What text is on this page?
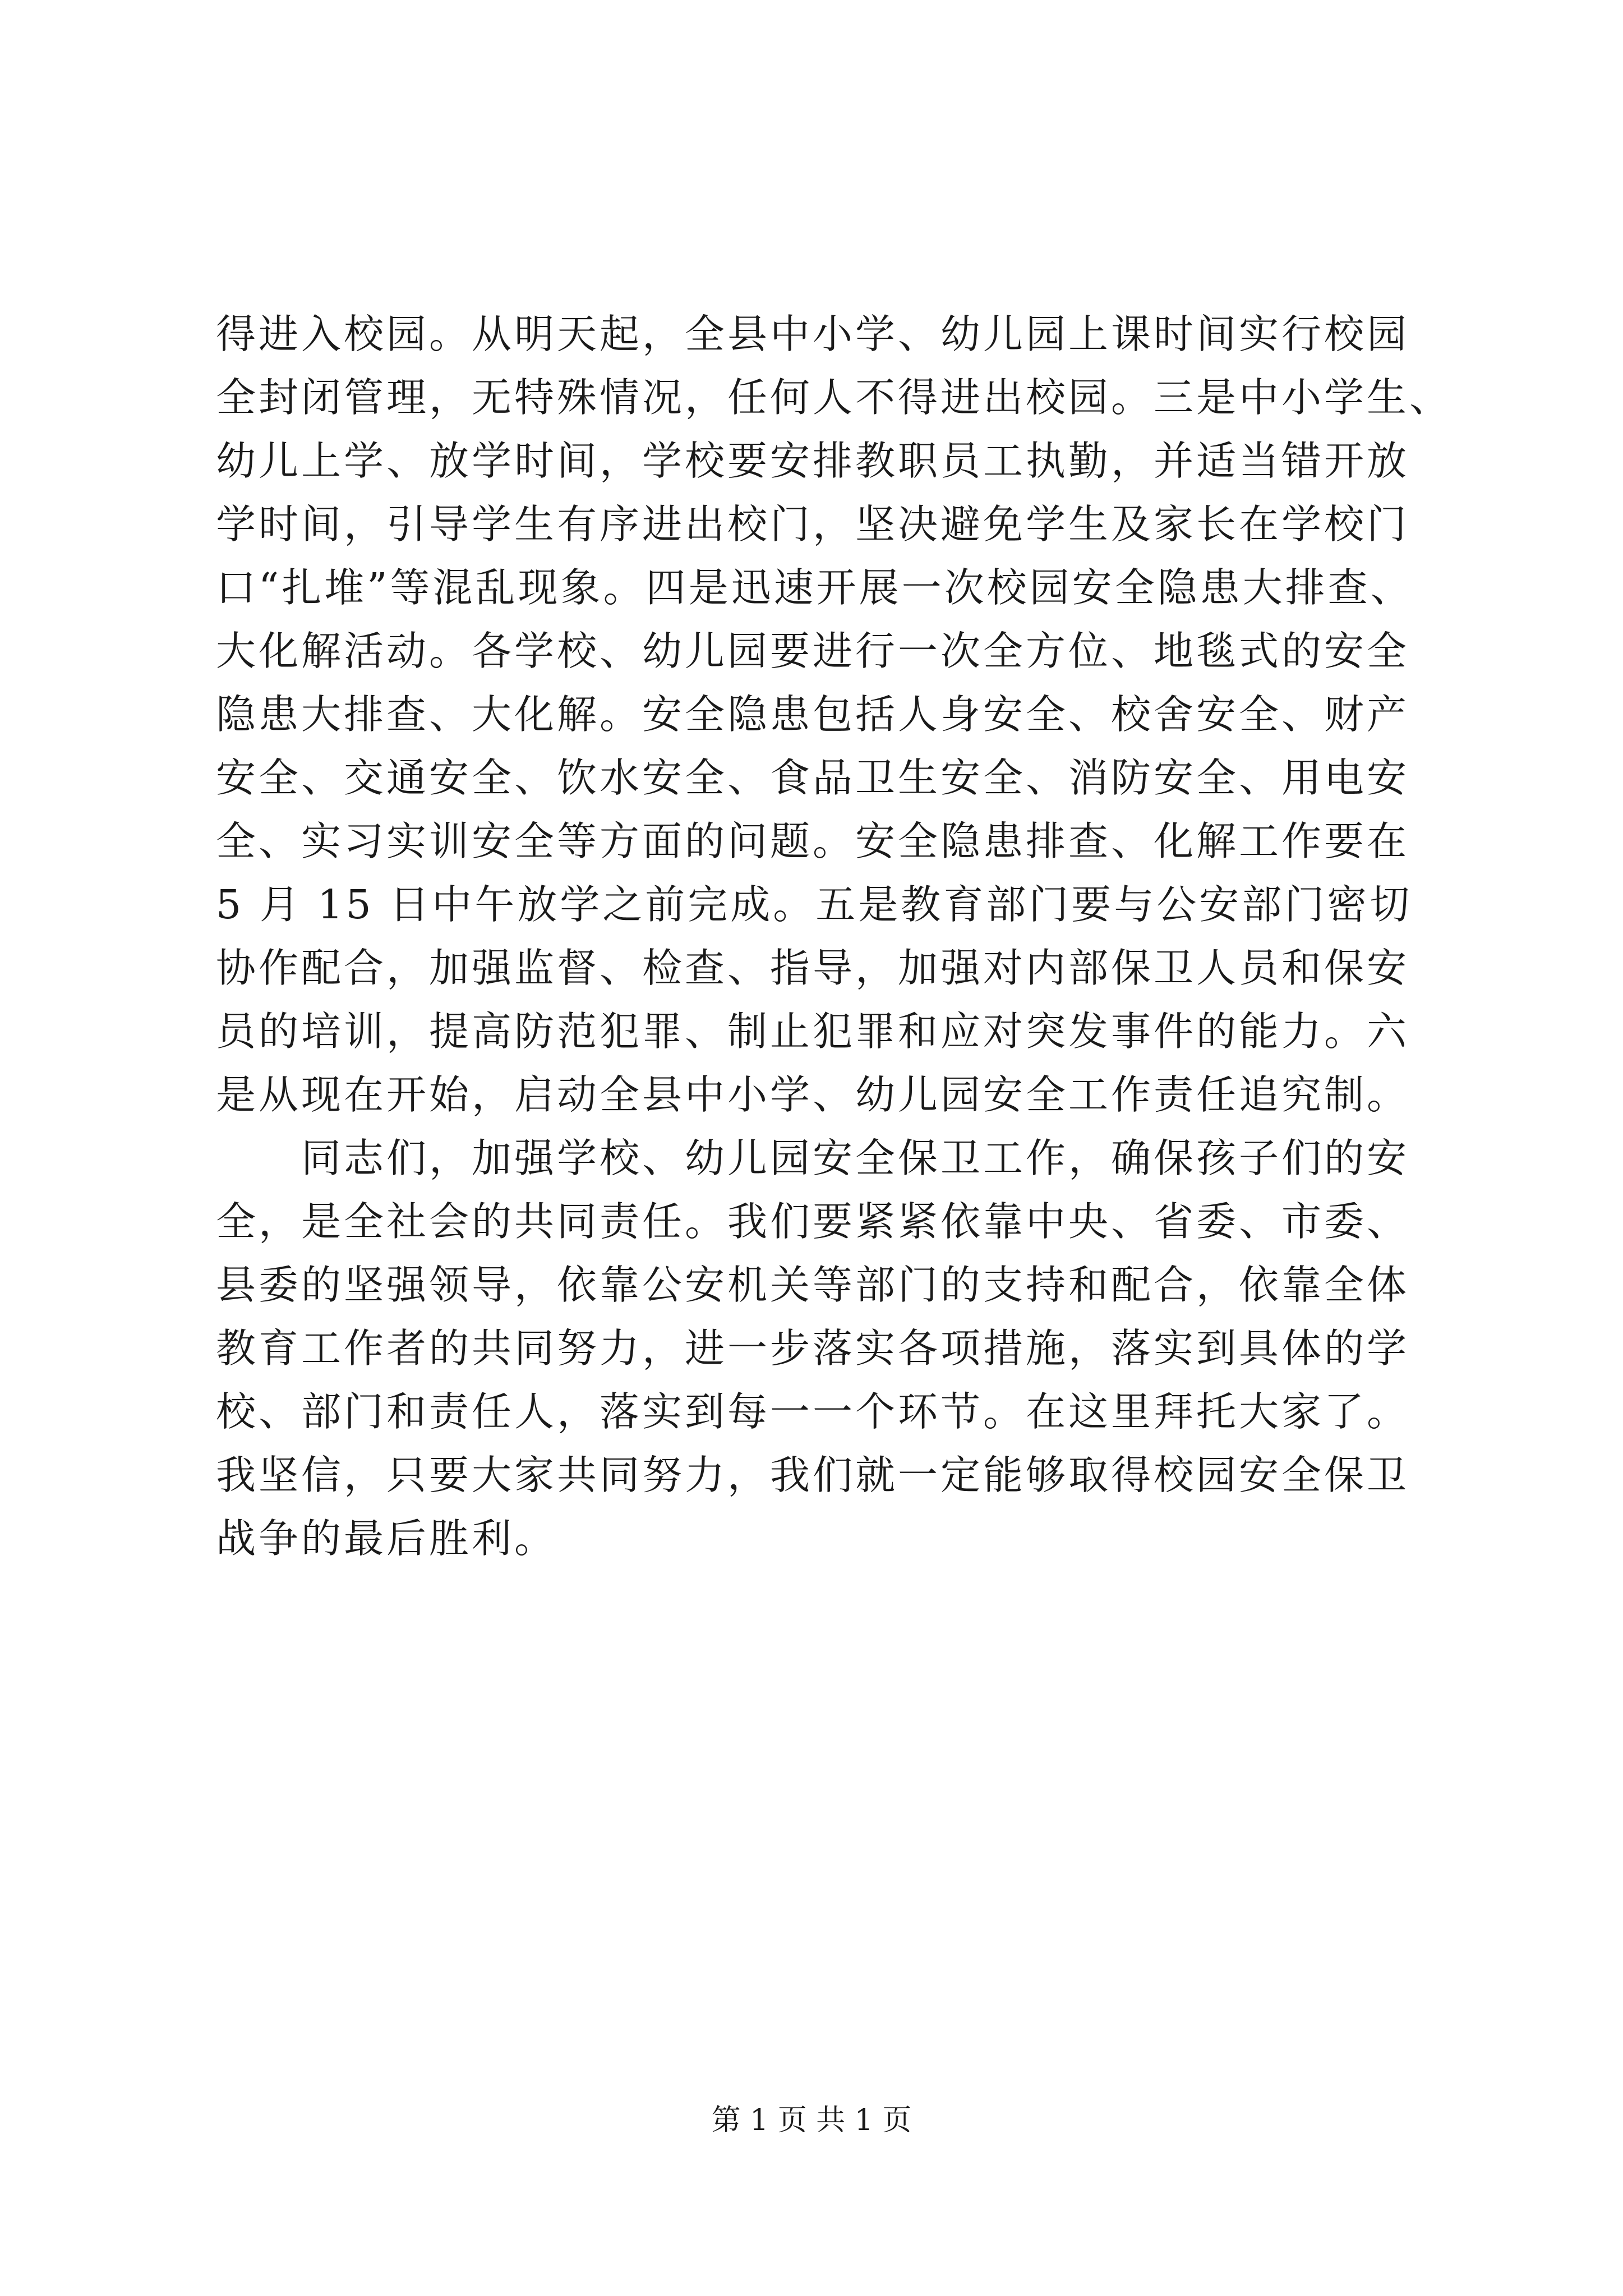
得进入校园。从明天起，全县中小学、幼儿园上课时间实行校园
全封闭管理，无特殊情况，任何人不得进出校园。三是中小学生、
幼儿上学、放学时间，学校要安排教职员工执勤，并适当错开放
学时间，引导学生有序进出校门，坚决避免学生及家长在学校门
口“扎堆”等混乱现象。四是迅速开展一次校园安全隐患大排查、
大化解活动。各学校、幼儿园要进行一次全方位、地毯式的安全
隐患大排查、大化解。安全隐患包括人身安全、校舍安全、财产
安全、交通安全、饮水安全、食品卫生安全、消防安全、用电安
全、实习实训安全等方面的问题。安全隐患排查、化解工作要在
5 月 15 日中午放学之前完成。五是教育部门要与公安部门密切
协作配合，加强监督、检查、指导，加强对内部保卫人员和保安
员的培训，提高防范犯罪、制止犯罪和应对突发事件的能力。六
是从现在开始，启动全县中小学、幼儿园安全工作责任追究制。
　　同志们，加强学校、幼儿园安全保卫工作，确保孩子们的安
全，是全社会的共同责任。我们要紧紧依靠中央、省委、市委、
县委的坚强领导，依靠公安机关等部门的支持和配合，依靠全体
教育工作者的共同努力，进一步落实各项措施，落实到具体的学
校、部门和责任人，落实到每一一个环节。在这里拜托大家了。
我坚信，只要大家共同努力，我们就一定能够取得校园安全保卫
战争的最后胜利。
第 1 页 共 1 页
